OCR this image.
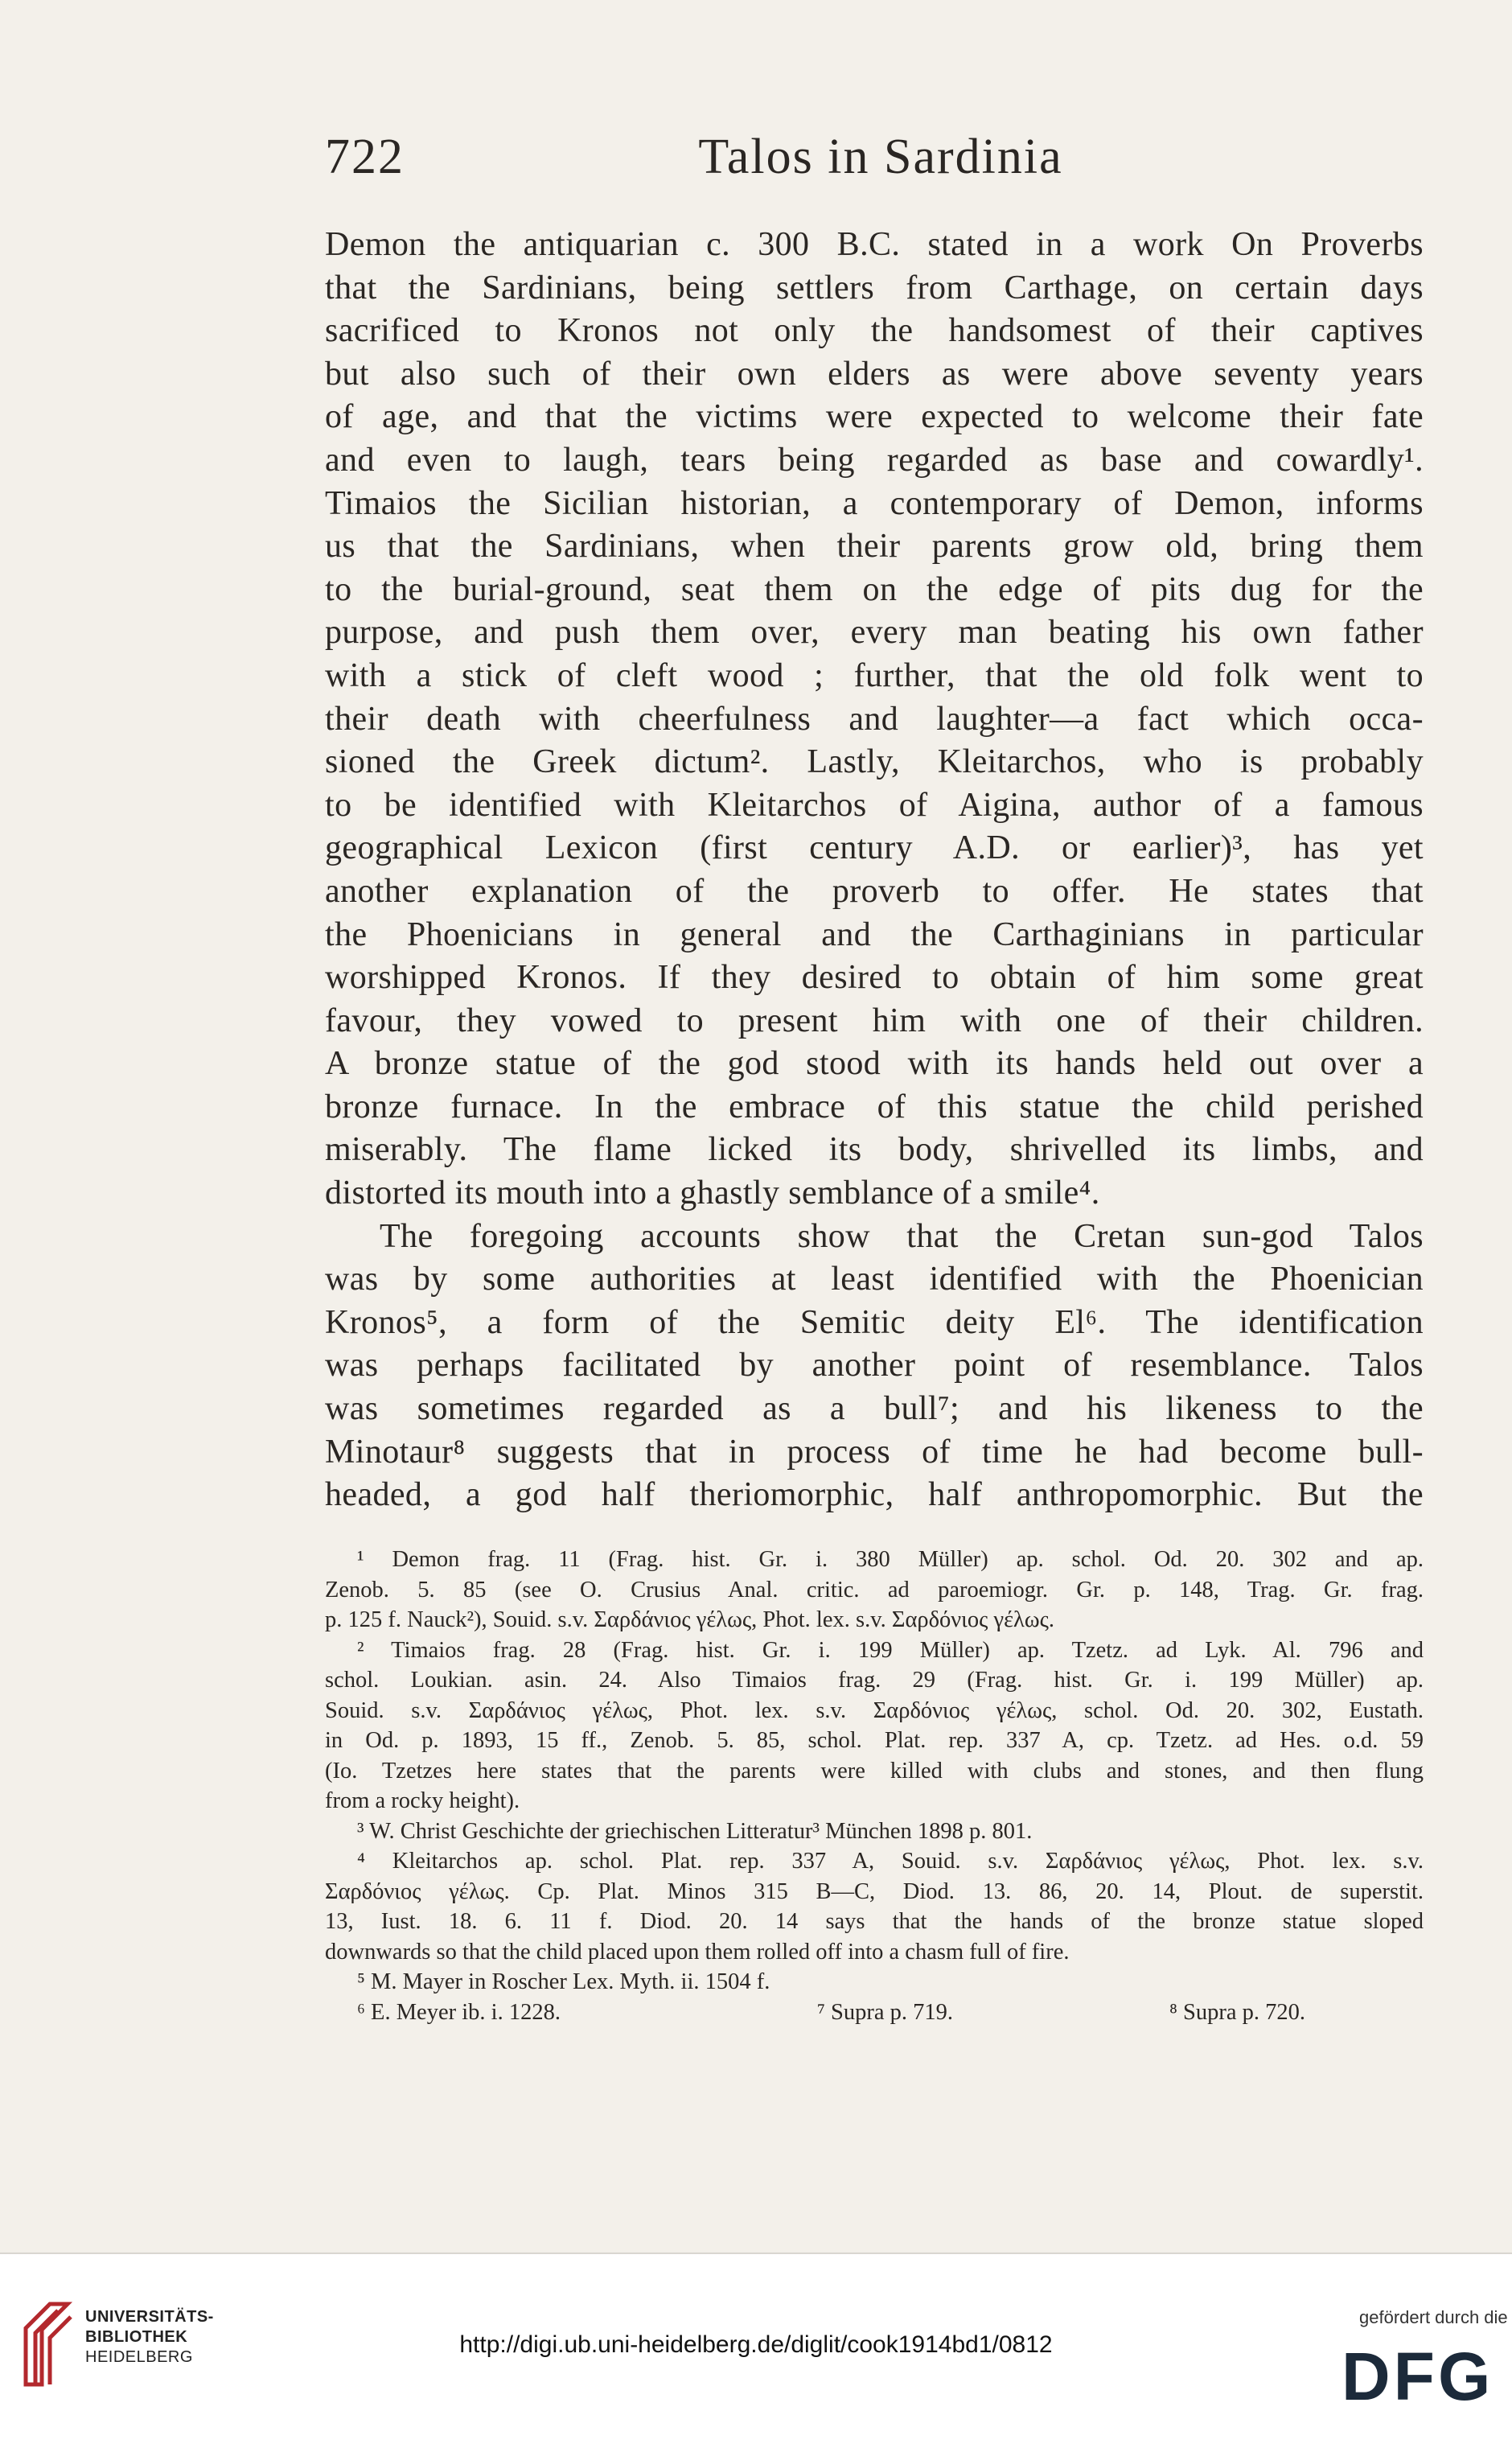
722	Talos in Sardinia
Demon the antiquarian c. 300 B.C. stated in a work On Proverbs
that the Sardinians, being settlers from Carthage, on certain days
sacrificed to Kronos not only the handsomest of their captives
but also such of their own elders as were above seventy years
of age, and that the victims were expected to welcome their fate
and even to laugh, tears being regarded as base and cowardly¹.
Timaios the Sicilian historian, a contemporary of Demon, informs
us that the Sardinians, when their parents grow old, bring them
to the burial-ground, seat them on the edge of pits dug for the
purpose, and push them over, every man beating his own father
with a stick of cleft wood ; further, that the old folk went to
their death with cheerfulness and laughter—a fact which occa-
sioned the Greek dictum². Lastly, Kleitarchos, who is probably
to be identified with Kleitarchos of Aigina, author of a famous
geographical Lexicon (first century A.D. or earlier)³, has yet
another explanation of the proverb to offer. He states that
the Phoenicians in general and the Carthaginians in particular
worshipped Kronos. If they desired to obtain of him some great
favour, they vowed to present him with one of their children.
A bronze statue of the god stood with its hands held out over a
bronze furnace. In the embrace of this statue the child perished
miserably. The flame licked its body, shrivelled its limbs, and
distorted its mouth into a ghastly semblance of a smile⁴.
The foregoing accounts show that the Cretan sun-god Talos
was by some authorities at least identified with the Phoenician
Kronos⁵, a form of the Semitic deity El⁶. The identification
was perhaps facilitated by another point of resemblance. Talos
was sometimes regarded as a bull⁷; and his likeness to the
Minotaur⁸ suggests that in process of time he had become bull-
headed, a god half theriomorphic, half anthropomorphic. But the
¹ Demon frag. 11 (Frag. hist. Gr. i. 380 Müller) ap. schol. Od. 20. 302 and ap.
Zenob. 5. 85 (see O. Crusius Anal. critic. ad paroemiogr. Gr. p. 148, Trag. Gr. frag.
p. 125 f. Nauck²), Souid. s.v. Σαρδάνιος γέλως, Phot. lex. s.v. Σαρδόνιος γέλως.
² Timaios frag. 28 (Frag. hist. Gr. i. 199 Müller) ap. Tzetz. ad Lyk. Al. 796 and
schol. Loukian. asin. 24. Also Timaios frag. 29 (Frag. hist. Gr. i. 199 Müller) ap.
Souid. s.v. Σαρδάνιος γέλως, Phot. lex. s.v. Σαρδόνιος γέλως, schol. Od. 20. 302, Eustath.
in Od. p. 1893, 15 ff., Zenob. 5. 85, schol. Plat. rep. 337 A, cp. Tzetz. ad Hes. o.d. 59
(Io. Tzetzes here states that the parents were killed with clubs and stones, and then flung
from a rocky height).
³ W. Christ Geschichte der griechischen Litteratur³ München 1898 p. 801.
⁴ Kleitarchos ap. schol. Plat. rep. 337 A, Souid. s.v. Σαρδάνιος γέλως, Phot. lex. s.v.
Σαρδόνιος γέλως. Cp. Plat. Minos 315 B—C, Diod. 13. 86, 20. 14, Plout. de superstit.
13, Iust. 18. 6. 11 f. Diod. 20. 14 says that the hands of the bronze statue sloped
downwards so that the child placed upon them rolled off into a chasm full of fire.
⁵ M. Mayer in Roscher Lex. Myth. ii. 1504 f.
⁶ E. Meyer ib. i. 1228.	⁷ Supra p. 719.	⁸ Supra p. 720.
UNIVERSITÄTS-
BIBLIOTHEK
HEIDELBERG	http://digi.ub.uni-heidelberg.de/diglit/cook1914bd1/0812
gefördert durch die
DFG
